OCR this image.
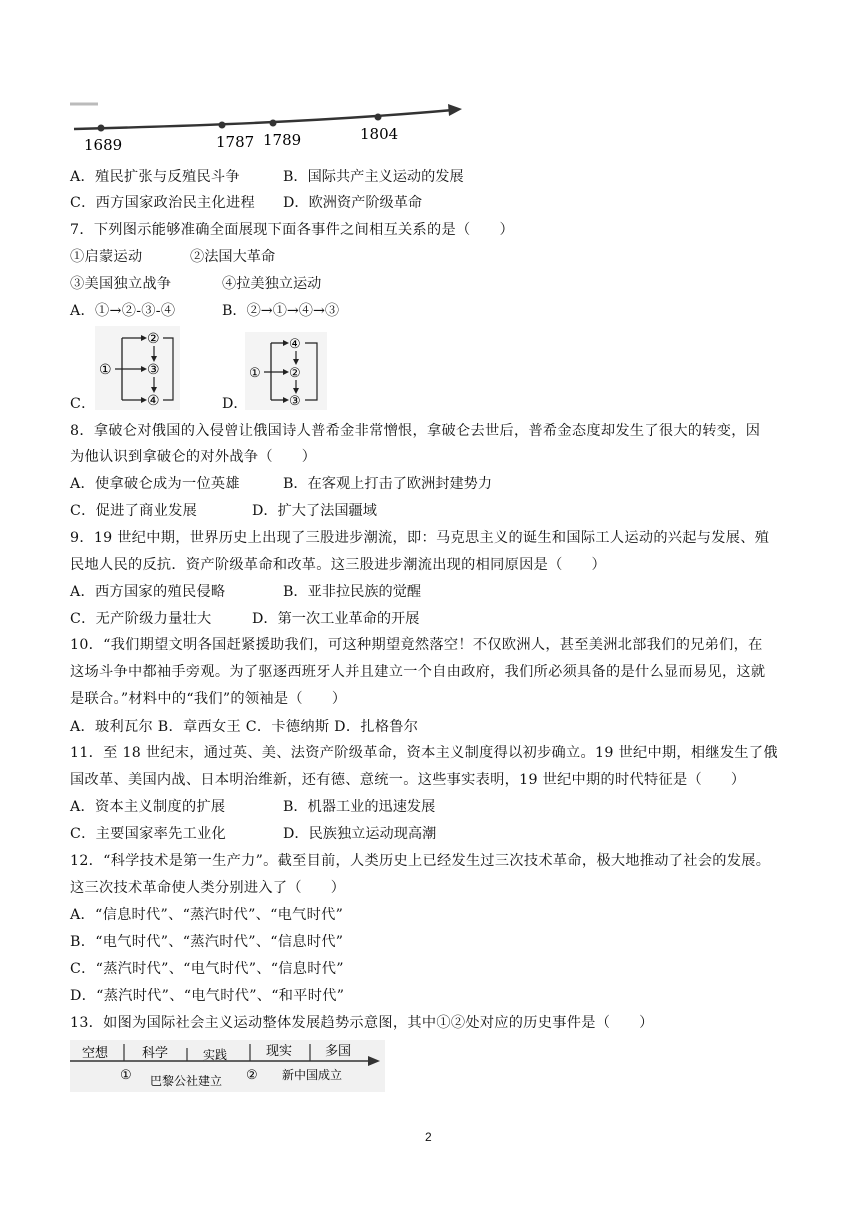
1689	1787 1789	1804
A．殖民扩张与反殖民斗争	B．国际共产主义运动的发展
C．西方国家政治民主化进程 D．欧洲资产阶级革命
7．下列图示能够准确全面展现下面各事件之间相互关系的是（　　）
①启蒙运动	②法国大革命
③美国独立战争	④拉美独立运动
A．①→②-③-④	B．②→①→④→③
①
②
③
④
①
④
②
③
C．	D．
8．拿破仑对俄国的入侵曾让俄国诗人普希金非常憎恨，拿破仑去世后，普希金态度却发生了很大的转变，因
为他认识到拿破仑的对外战争（　　）
A．使拿破仑成为一位英雄	B．在客观上打击了欧洲封建势力
C．促进了商业发展	D．扩大了法国疆域
9．19 世纪中期，世界历史上出现了三股进步潮流，即：马克思主义的诞生和国际工人运动的兴起与发展、殖
民地人民的反抗．资产阶级革命和改革。这三股进步潮流出现的相同原因是（　　）
A．西方国家的殖民侵略	B．亚非拉民族的觉醒
C．无产阶级力量壮大	D．第一次工业革命的开展
10．“我们期望文明各国赶紧援助我们，可这种期望竟然落空！不仅欧洲人，甚至美洲北部我们的兄弟们，在
这场斗争中都袖手旁观。为了驱逐西班牙人并且建立一个自由政府，我们所必须具备的是什么显而易见，这就
是联合。”材料中的“我们”的领袖是（　　）
A．玻利瓦尔 B．章西女王 C．卡德纳斯 D．扎格鲁尔
11．至 18 世纪末，通过英、美、法资产阶级革命，资本主义制度得以初步确立。19 世纪中期，相继发生了俄
国改革、美国内战、日本明治维新，还有德、意统一。这些事实表明，19 世纪中期的时代特征是（　　）
A．资本主义制度的扩展	B．机器工业的迅速发展
C．主要国家率先工业化	D．民族独立运动现高潮
12．“科学技术是第一生产力”。截至目前，人类历史上已经发生过三次技术革命，极大地推动了社会的发展。
这三次技术革命使人类分别进入了（　　）
A．“信息时代”、“蒸汽时代”、“电气时代”
B．“电气时代”、“蒸汽时代”、“信息时代”
C．“蒸汽时代”、“电气时代”、“信息时代”
D．“蒸汽时代”、“电气时代”、“和平时代”
13．如图为国际社会主义运动整体发展趋势示意图，其中①②处对应的历史事件是（　　）
空想	科学	实践	现实	多国
① 巴黎公社建立 ② 新中国成立
2
